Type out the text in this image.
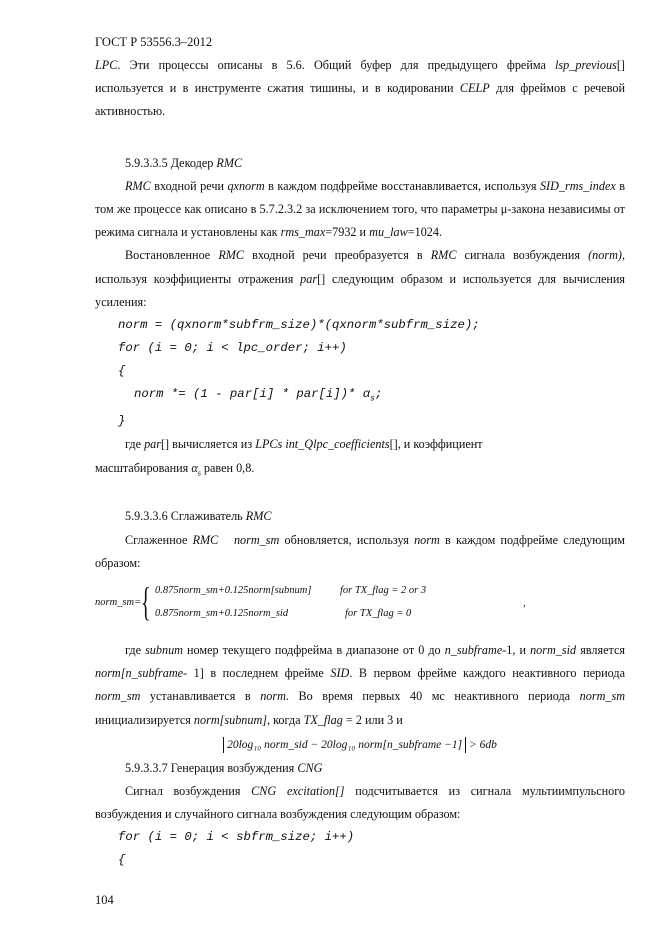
ГОСТ Р 53556.3–2012

LPC. Эти процессы описаны в 5.6. Общий буфер для предыдущего фрейма lsp_previous[] используется и в инструменте сжатия тишины, и в кодировании CELP для фреймов с речевой активностью.

5.9.3.3.5 Декодер RMC

RMC входной речи qxnorm в каждом подфрейме восстанавливается, используя SID_rms_index в том же процессе как описано в 5.7.2.3.2 за исключением того, что параметры μ-закона независимы от режима сигнала и установлены как rms_max=7932 и mu_law=1024.

Востановленное RMC входной речи преобразуется в RMC сигнала возбуждения (norm), используя коэффициенты отражения par[] следующим образом и используется для вычисления усиления:

norm = (qxnorm*subfrm_size)*(qxnorm*subfrm_size);
for (i = 0; i < lpc_order; i++)
{
norm *= (1 - par[i] * par[i])* $\alpha_s$;
}

где par[] вычисляется из LPCs int_Qlpc_coefficients[], и коэффициент

масштабирования $\alpha_s$ равен 0,8.

5.9.3.3.6 Сглаживатель RMC

Сглаженное RMC norm_sm обновляется, используя norm в каждом подфрейме следующим образом:

norm_sm= { 0.875norm_sm+0.125norm[subnum]	for TX_flag = 2 or 3
0.875norm_sm+0.125norm_sid	for TX_flag = 0
,

где subnum номер текущего подфрейма в диапазоне от 0 до n_subframe-1, и norm_sid является norm[n_subframe- 1] в последнем фрейме SID. В первом фрейме каждого неактивного периода norm_sm устанавливается в norm. Во время первых 40 мс неактивного периода norm_sm инициализируется norm[subnum], когда TX_flag = 2 или 3 и

20log₁₀ norm_sid − 20log₁₀ norm[n_subframe −1] > 6db

5.9.3.3.7 Генерация возбуждения CNG

Сигнал возбуждения CNG excitation[] подсчитывается из сигнала мультиимпульсного возбуждения и случайного сигнала возбуждения следующим образом:

for (i = 0; i < sbfrm_size; i++)
{
104
